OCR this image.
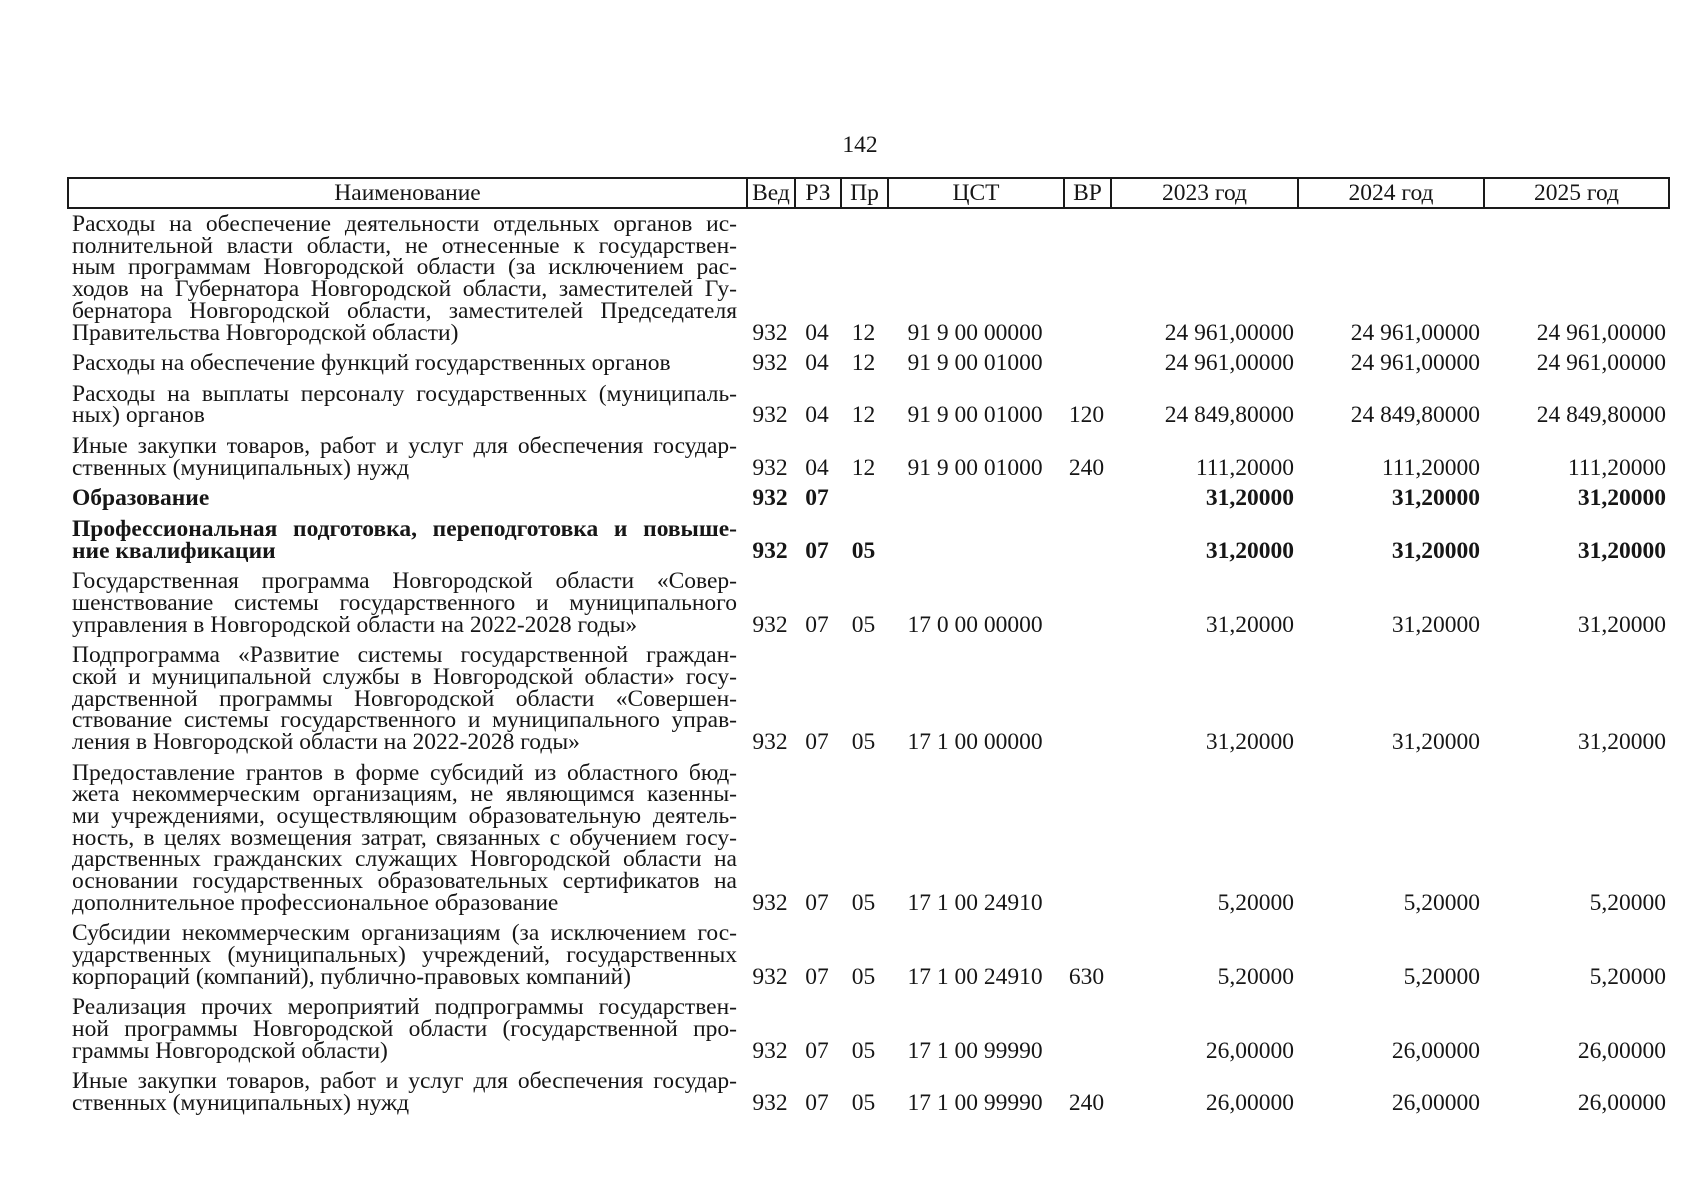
142
Наименование	Вед РЗ Пр	ЦСТ	ВР	2023 год	2024 год	2025 год
Расходы на обеспечение деятельности отдельных органов ис-
полнительной власти области, не отнесенные к государствен-
ным программам Новгородской области (за исключением рас-
ходов на Губернатора Новгородской области, заместителей Гу-
бернатора Новгородской области, заместителей Председателя
Правительства Новгородской области)	932 04 12	91 9 00 00000	24 961,00000	24 961,00000	24 961,00000
Расходы на обеспечение функций государственных органов	932 04 12	91 9 00 01000	24 961,00000	24 961,00000	24 961,00000
Расходы на выплаты персоналу государственных (муниципаль-
ных) органов	932 04 12	91 9 00 01000	120	24 849,80000	24 849,80000	24 849,80000
Иные закупки товаров, работ и услуг для обеспечения государ-
ственных (муниципальных) нужд	932 04 12	91 9 00 01000	240	111,20000	111,20000	111,20000
Образование	932 07	31,20000	31,20000	31,20000
Профессиональная подготовка, переподготовка и повыше-
ние квалификации	932 07 05	31,20000	31,20000	31,20000
Государственная программа Новгородской области «Совер-
шенствование системы государственного и муниципального
управления в Новгородской области на 2022-2028 годы»	932 07 05	17 0 00 00000	31,20000	31,20000	31,20000
Подпрограмма «Развитие системы государственной граждан-
ской и муниципальной службы в Новгородской области» госу-
дарственной программы Новгородской области «Совершен-
ствование системы государственного и муниципального управ-
ления в Новгородской области на 2022-2028 годы»	932 07 05	17 1 00 00000	31,20000	31,20000	31,20000
Предоставление грантов в форме субсидий из областного бюд-
жета некоммерческим организациям, не являющимся казенны-
ми учреждениями, осуществляющим образовательную деятель-
ность, в целях возмещения затрат, связанных с обучением госу-
дарственных гражданских служащих Новгородской области на
основании государственных образовательных сертификатов на
дополнительное профессиональное образование	932 07 05	17 1 00 24910	5,20000	5,20000	5,20000
Субсидии некоммерческим организациям (за исключением гос-
ударственных (муниципальных) учреждений, государственных
корпораций (компаний), публично-правовых компаний)	932 07 05	17 1 00 24910	630	5,20000	5,20000	5,20000
Реализация прочих мероприятий подпрограммы государствен-
ной программы Новгородской области (государственной про-
граммы Новгородской области)	932 07 05	17 1 00 99990	26,00000	26,00000	26,00000
Иные закупки товаров, работ и услуг для обеспечения государ-
ственных (муниципальных) нужд	932 07 05	17 1 00 99990	240	26,00000	26,00000	26,00000
